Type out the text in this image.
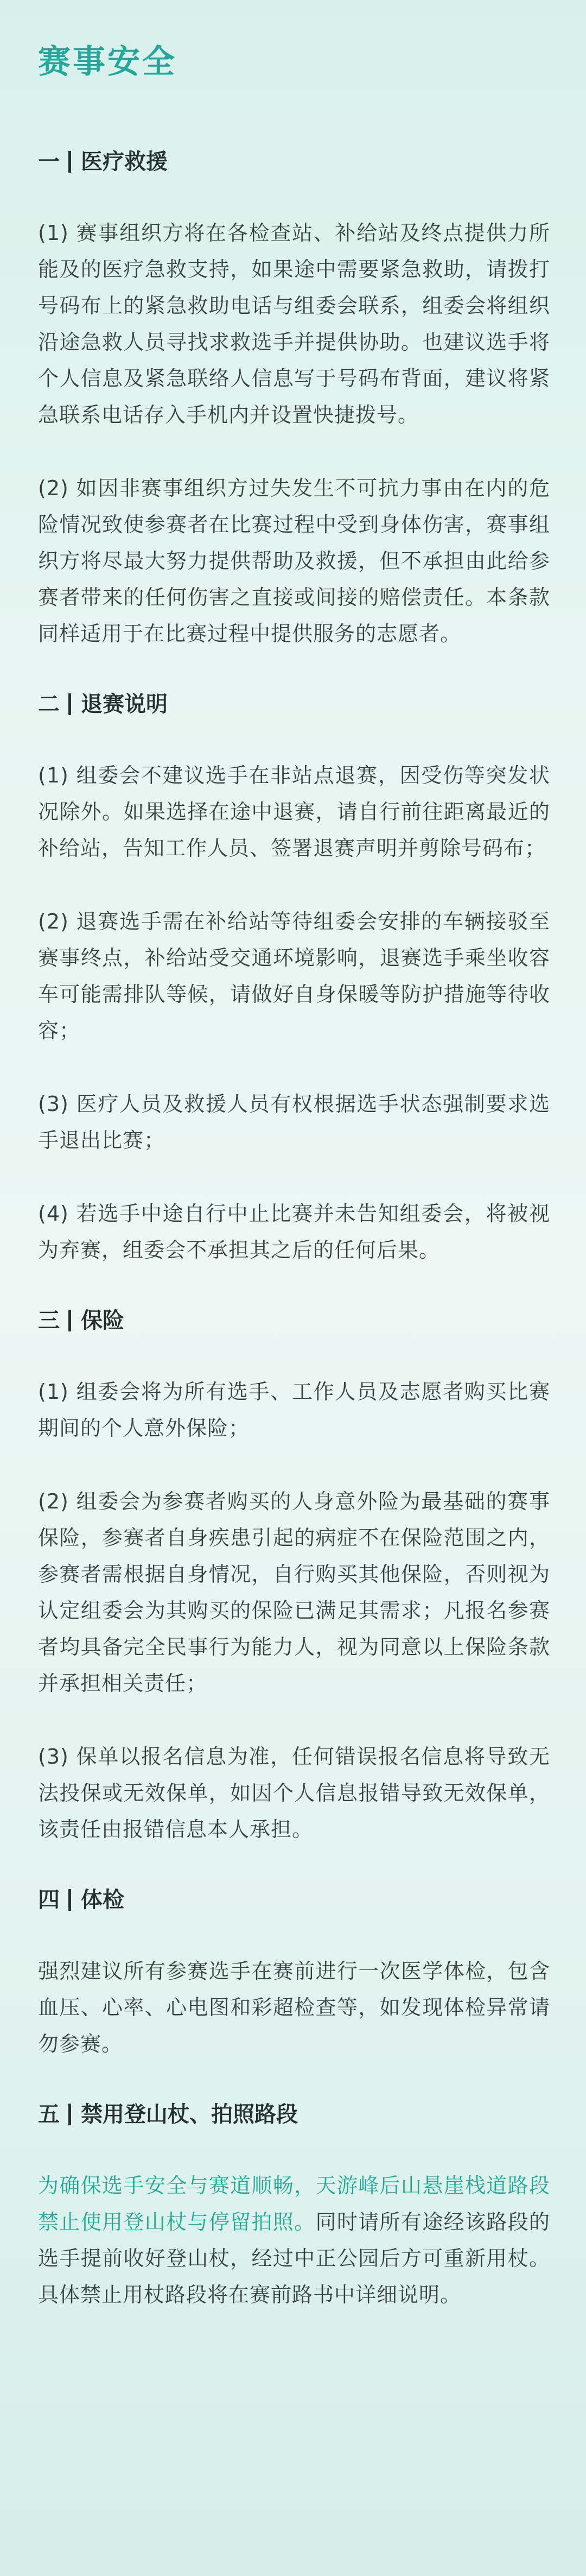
赛事安全
一 医疗救援

(1) 赛事组织方将在各检查站、补给站及终点提供力所能及的医疗急救支持，如果途中需要紧急救助，请拨打号码布上的紧急救助电话与组委会联系，组委会将组织沿途急救人员寻找求救选手并提供协助。也建议选手将个人信息及紧急联络人信息写于号码布背面，建议将紧急联系电话存入手机内并设置快捷拨号。

(2) 如因非赛事组织方过失发生不可抗力事由在内的危险情况致使参赛者在比赛过程中受到身体伤害，赛事组织方将尽最大努力提供帮助及救援，但不承担由此给参赛者带来的任何伤害之直接或间接的赔偿责任。本条款同样适用于在比赛过程中提供服务的志愿者。

二 退赛说明

(1) 组委会不建议选手在非站点退赛，因受伤等突发状况除外。如果选择在途中退赛，请自行前往距离最近的补给站，告知工作人员、签署退赛声明并剪除号码布；

(2) 退赛选手需在补给站等待组委会安排的车辆接驳至赛事终点，补给站受交通环境影响，退赛选手乘坐收容车可能需排队等候，请做好自身保暖等防护措施等待收容；

(3) 医疗人员及救援人员有权根据选手状态强制要求选手退出比赛；

(4) 若选手中途自行中止比赛并未告知组委会，将被视为弃赛，组委会不承担其之后的任何后果。

三 保险

(1) 组委会将为所有选手、工作人员及志愿者购买比赛期间的个人意外保险；

(2) 组委会为参赛者购买的人身意外险为最基础的赛事保险，参赛者自身疾患引起的病症不在保险范围之内，参赛者需根据自身情况，自行购买其他保险，否则视为认定组委会为其购买的保险已满足其需求；凡报名参赛者均具备完全民事行为能力人，视为同意以上保险条款并承担相关责任；

(3) 保单以报名信息为准，任何错误报名信息将导致无法投保或无效保单，如因个人信息报错导致无效保单，该责任由报错信息本人承担。

四 体检

强烈建议所有参赛选手在赛前进行一次医学体检，包含血压、心率、心电图和彩超检查等，如发现体检异常请勿参赛。

五 禁用登山杖、拍照路段

为确保选手安全与赛道顺畅，天游峰后山悬崖栈道路段禁止使用登山杖与停留拍照。同时请所有途经该路段的选手提前收好登山杖，经过中正公园后方可重新用杖。具体禁止用杖路段将在赛前路书中详细说明。
